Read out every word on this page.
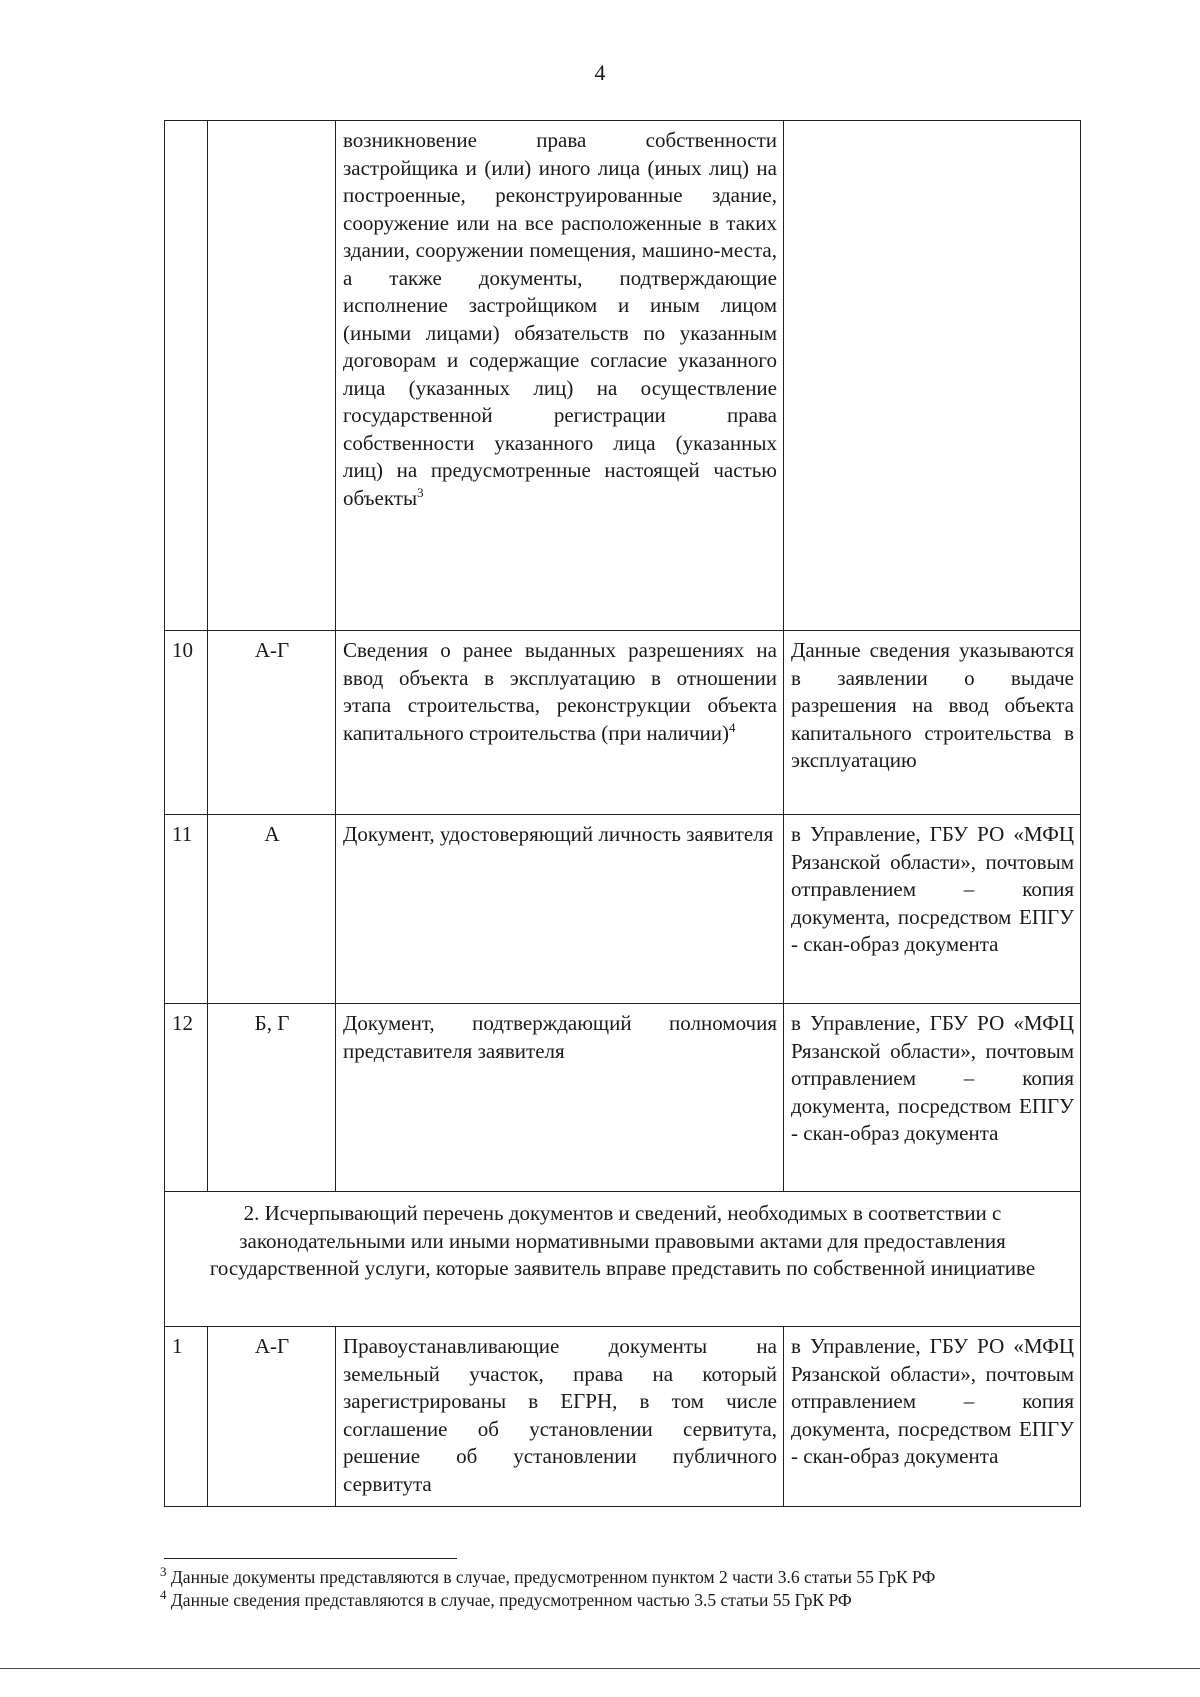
4
		возникновение права собственности застройщика и (или) иного лица (иных лиц) на построенные, реконструированные здание, сооружение или на все расположенные в таких здании, сооружении помещения, машино-места, а также документы, подтверждающие исполнение застройщиком и иным лицом (иными лицами) обязательств по указанным договорам и содержащие согласие указанного лица (указанных лиц) на осуществление государственной регистрации права собственности указанного лица (указанных лиц) на предусмотренные настоящей частью объекты$^3$	
10	А-Г	Сведения о ранее выданных разрешениях на ввод объекта в эксплуатацию в отношении этапа строительства, реконструкции объекта капитального строительства (при наличии)$^4$	Данные сведения указываются в заявлении о выдаче разрешения на ввод объекта капитального строительства в эксплуатацию
11	А	Документ, удостоверяющий личность заявителя	в Управление, ГБУ РО «МФЦ Рязанской области», почтовым отправлением – копия документа, посредством ЕПГУ - скан-образ документа
12	Б, Г	Документ, подтверждающий полномочия представителя заявителя	в Управление, ГБУ РО «МФЦ Рязанской области», почтовым отправлением – копия документа, посредством ЕПГУ - скан-образ документа
2. Исчерпывающий перечень документов и сведений, необходимых в соответствии с законодательными или иными нормативными правовыми актами для предоставления государственной услуги, которые заявитель вправе представить по собственной инициативе			
1	А-Г	Правоустанавливающие документы на земельный участок, права на который зарегистрированы в ЕГРН, в том числе соглашение об установлении сервитута, решение об установлении публичного сервитута	в Управление, ГБУ РО «МФЦ Рязанской области», почтовым отправлением – копия документа, посредством ЕПГУ - скан-образ документа
$^3$ Данные документы представляются в случае, предусмотренном пунктом 2 части 3.6 статьи 55 ГрК РФ
$^4$ Данные сведения представляются в случае, предусмотренном частью 3.5 статьи 55 ГрК РФ
